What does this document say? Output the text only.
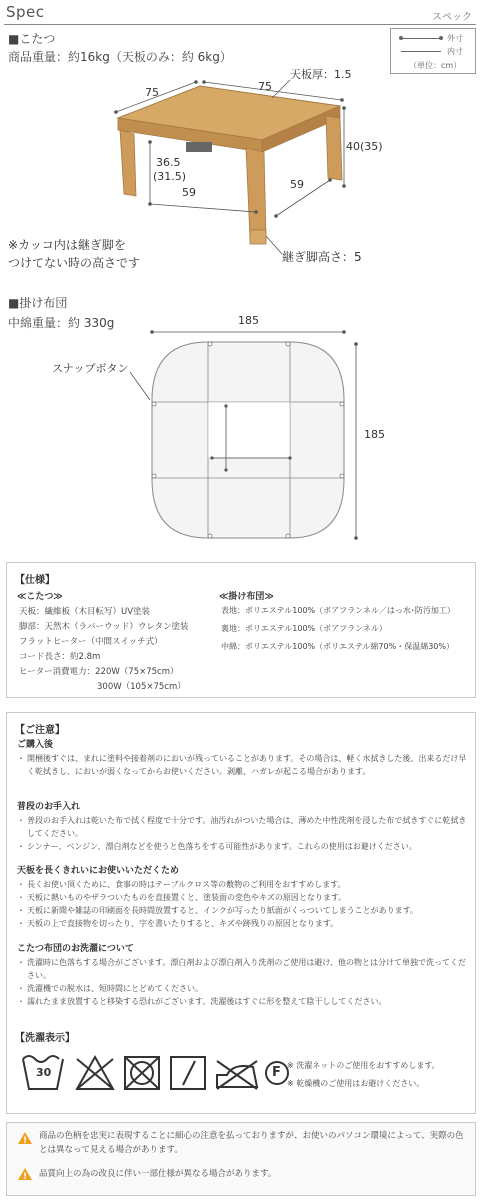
Spec	スペック
外寸
内寸
（単位：cm）
■こたつ
商品重量：約16kg（天板のみ：約 6kg）
75	75
天板厚：1.5
40(35)
36.5
(31.5)
59
59
※カッコ内は継ぎ脚を
つけてない時の高さです	継ぎ脚高さ：5
■掛け布団
中綿重量：約 330g	185
185
スナップボタン
【仕様】
≪こたつ≫
天板：繊維板（木目転写）UV塗装
脚部：天然木（ラバーウッド）ウレタン塗装
フラットヒーター（中間スイッチ式）
コード長さ：約2.8m
ヒーター消費電力：220W（75×75cm）
300W（105×75cm）
≪掛け布団≫
表地：ポリエステル100%（ボアフランネル／はっ水･防汚加工）
裏地：ポリエステル100%（ボアフランネル）
中綿：ポリエステル100%（ポリエステル綿70%・保温綿30%）
【ご注意】
ご購入後
・ 開梱後すぐは、まれに塗料や接着剤のにおいが残っていることがあります。その場合は、軽く水拭きした後、出来るだけ早く乾拭きし、においが弱くなってからお使いください。剥離、ハガレが起こる場合があります。
普段のお手入れ
・ 普段のお手入れは乾いた布で拭く程度で十分です。油汚れがついた場合は、薄めた中性洗剤を浸した布で拭きすぐに乾拭きしてください。
・ シンナー、ベンジン、漂白剤などを使うと色落ちをする可能性があります。これらの使用はお避けください。
天板を長くきれいにお使いいただくため
・ 長くお使い頂くために、食事の時はテーブルクロス等の敷物のご利用をおすすめします。
・ 天板に熱いものやザラついたものを直接置くと、塗装面の変色やキズの原因となります。
・ 天板に新聞や雑誌の印刷面を長時間放置すると、インクが写ったり紙面がくっついてしまうことがあります。
・ 天板の上で直接物を切ったり、字を書いたりすると、キズや跡残りの原因となります。
こたつ布団のお洗濯について
・ 洗濯時に色落ちする場合がございます。漂白剤および漂白剤入り洗剤のご使用は避け、他の物とは分けて単独で洗ってください。
・ 洗濯機での脱水は、短時間にとどめてください。
・ 濡れたまま放置すると移染する恐れがございます。洗濯後はすぐに形を整えて陰干ししてください。
【洗濯表示】
30	F ※ 洗濯ネットのご使用をおすすめします。
※ 乾燥機のご使用はお避けください。
! 商品の色柄を忠実に表現することに細心の注意を払っておりますが、お使いのパソコン環境によって、実際の色とは異なって見える場合があります。
! 品質向上の為の改良に伴い一部仕様が異なる場合があります。
